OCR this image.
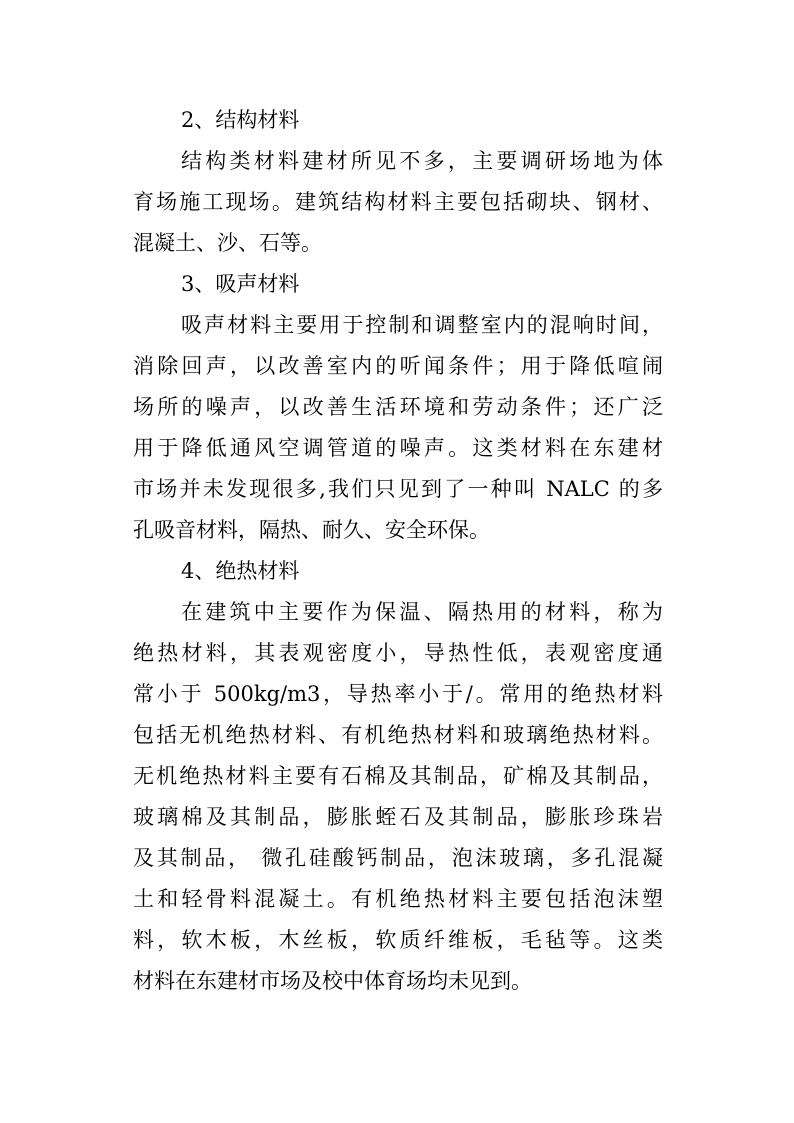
2、结构材料
结构类材料建材所见不多，主要调研场地为体
育场施工现场。建筑结构材料主要包括砌块、钢材、
混凝土、沙、石等。
3、吸声材料
吸声材料主要用于控制和调整室内的混响时间，
消除回声，以改善室内的听闻条件；用于降低喧闹
场所的噪声，以改善生活环境和劳动条件；还广泛
用于降低通风空调管道的噪声。这类材料在东建材
市场并未发现很多,我们只见到了一种叫 NALC 的多
孔吸音材料，隔热、耐久、安全环保。
4、绝热材料
在建筑中主要作为保温、隔热用的材料，称为
绝热材料，其表观密度小，导热性低，表观密度通
常小于 500kg/m3，导热率小于/。常用的绝热材料
包括无机绝热材料、有机绝热材料和玻璃绝热材料。
无机绝热材料主要有石棉及其制品，矿棉及其制品，
玻璃棉及其制品，膨胀蛭石及其制品，膨胀珍珠岩
及其制品， 微孔硅酸钙制品，泡沫玻璃，多孔混凝
土和轻骨料混凝土。有机绝热材料主要包括泡沫塑
料，软木板，木丝板，软质纤维板，毛毡等。这类
材料在东建材市场及校中体育场均未见到。
